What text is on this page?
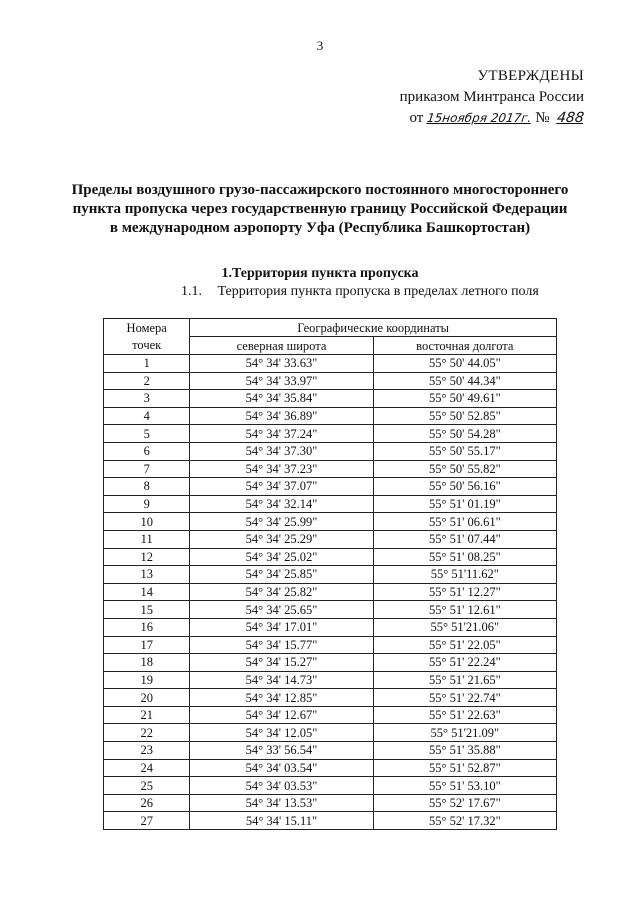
3
УТВЕРЖДЕНЫ
приказом Минтранса России
от 15ноября 2017г. № 488
Пределы воздушного грузо-пассажирского постоянного многостороннего
пункта пропуска через государственную границу Российской Федерации
в международном аэропорту Уфа (Республика Башкортостан)
1.Территория пункта пропуска
1.1. Территория пункта пропуска в пределах летного поля
Номера
точек	Географические координаты	
	северная широта	восточная долгота
1	54° 34' 33.63"	55° 50' 44.05"
2	54° 34' 33.97"	55° 50' 44.34"
3	54° 34' 35.84"	55° 50' 49.61"
4	54° 34' 36.89"	55° 50' 52.85"
5	54° 34' 37.24"	55° 50' 54.28"
6	54° 34' 37.30"	55° 50' 55.17"
7	54° 34' 37.23"	55° 50' 55.82"
8	54° 34' 37.07"	55° 50' 56.16"
9	54° 34' 32.14"	55° 51' 01.19"
10	54° 34' 25.99"	55° 51' 06.61"
11	54° 34' 25.29"	55° 51' 07.44"
12	54° 34' 25.02"	55° 51' 08.25"
13	54° 34' 25.85"	55° 51'11.62"
14	54° 34' 25.82"	55° 51' 12.27"
15	54° 34' 25.65"	55° 51' 12.61"
16	54° 34' 17.01"	55° 51'21.06"
17	54° 34' 15.77"	55° 51' 22.05"
18	54° 34' 15.27"	55° 51' 22.24"
19	54° 34' 14.73"	55° 51' 21.65"
20	54° 34' 12.85"	55° 51' 22.74"
21	54° 34' 12.67"	55° 51' 22.63"
22	54° 34' 12.05"	55° 51'21.09"
23	54° 33' 56.54"	55° 51' 35.88"
24	54° 34' 03.54"	55° 51' 52.87"
25	54° 34' 03.53"	55° 51' 53.10"
26	54° 34' 13.53"	55° 52' 17.67"
27	54° 34' 15.11"	55° 52' 17.32"
